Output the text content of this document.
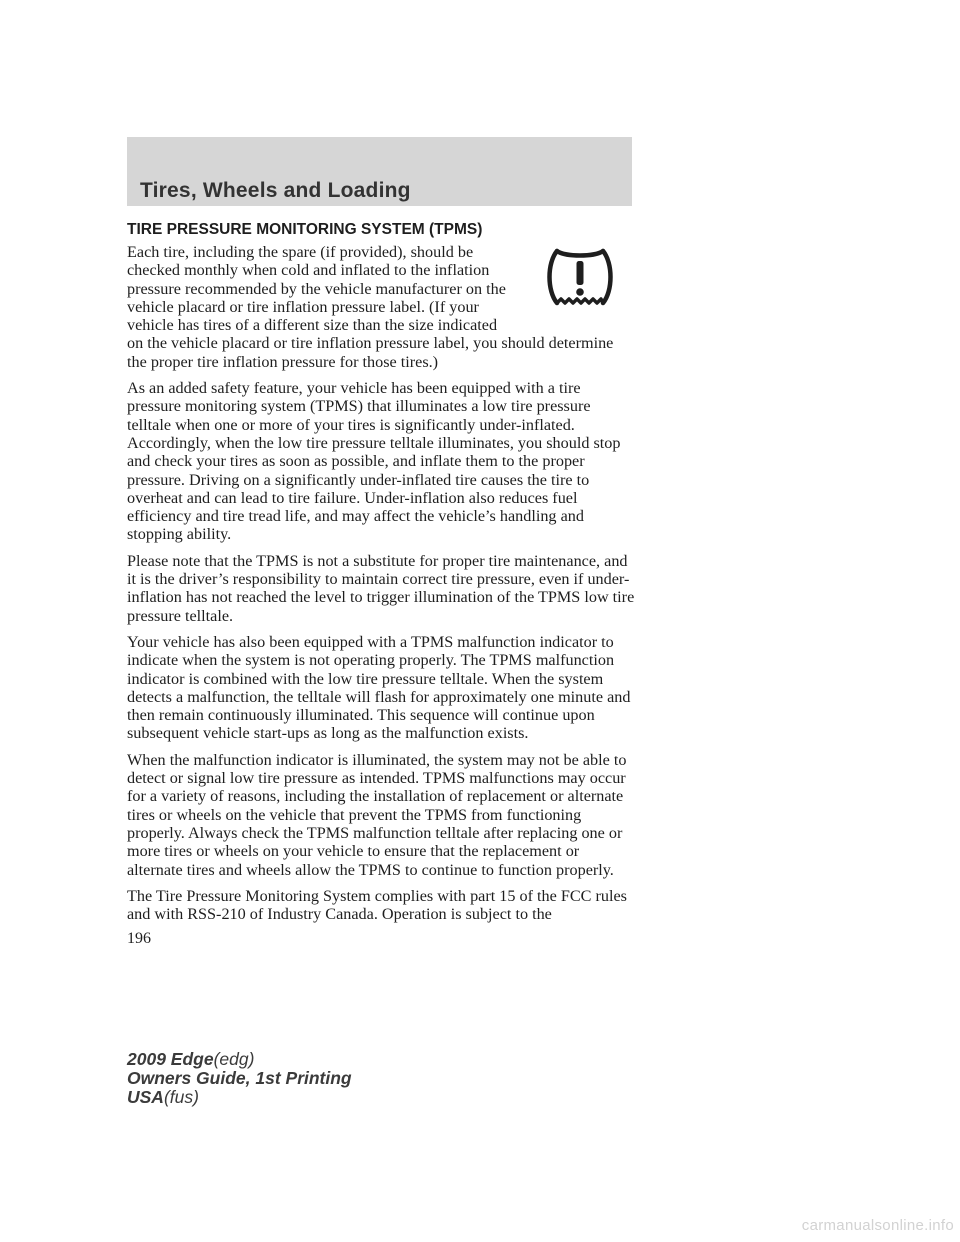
Tires, Wheels and Loading
TIRE PRESSURE MONITORING SYSTEM (TPMS)

Each tire, including the spare (if provided), should be checked monthly when cold and inflated to the inflation pressure recommended by the vehicle manufacturer on the vehicle placard or tire inflation pressure label. (If your vehicle has tires of a different size than the size indicated on the vehicle placard or tire inflation pressure label, you should determine the proper tire inflation pressure for those tires.)

As an added safety feature, your vehicle has been equipped with a tire pressure monitoring system (TPMS) that illuminates a low tire pressure telltale when one or more of your tires is significantly under-inflated. Accordingly, when the low tire pressure telltale illuminates, you should stop and check your tires as soon as possible, and inflate them to the proper pressure. Driving on a significantly under-inflated tire causes the tire to overheat and can lead to tire failure. Under-inflation also reduces fuel efficiency and tire tread life, and may affect the vehicle’s handling and stopping ability.

Please note that the TPMS is not a substitute for proper tire maintenance, and it is the driver’s responsibility to maintain correct tire pressure, even if under-inflation has not reached the level to trigger illumination of the TPMS low tire pressure telltale.

Your vehicle has also been equipped with a TPMS malfunction indicator to indicate when the system is not operating properly. The TPMS malfunction indicator is combined with the low tire pressure telltale. When the system detects a malfunction, the telltale will flash for approximately one minute and then remain continuously illuminated. This sequence will continue upon subsequent vehicle start-ups as long as the malfunction exists.

When the malfunction indicator is illuminated, the system may not be able to detect or signal low tire pressure as intended. TPMS malfunctions may occur for a variety of reasons, including the installation of replacement or alternate tires or wheels on the vehicle that prevent the TPMS from functioning properly. Always check the TPMS malfunction telltale after replacing one or more tires or wheels on your vehicle to ensure that the replacement or alternate tires and wheels allow the TPMS to continue to function properly.

The Tire Pressure Monitoring System complies with part 15 of the FCC rules and with RSS-210 of Industry Canada. Operation is subject to the

196
2009 Edge(edg)
Owners Guide, 1st Printing
USA(fus)
carmanualsonline.info
